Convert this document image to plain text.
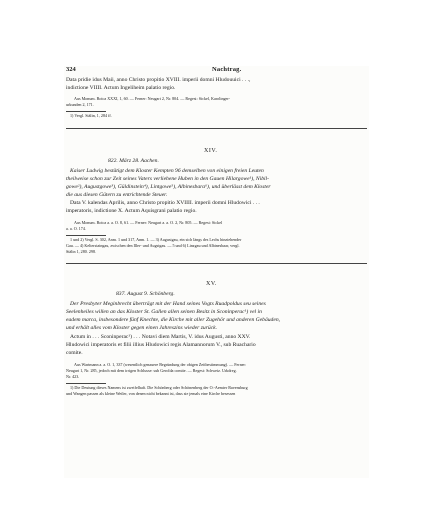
324	Nachtrag.
Data pridie idus Maii, anno Christo propitio XVIII. imperii domni Hludouuici . . .,
indictione VIIII. Actum Ingeliheim palatio regio.
Aus Monum. Boica XXXI, 1, 60. — Ferner: Neugart 2, Nr. 804. — Regest: Sickel, Karolinger-
urkunden 2, 171.
1) Vergl. Stälin, 1, 284 ff.
XIV.
822. März 28. Aachen.
Kaiser Ludwig bestätigt dem Kloster Kempten 96 demselben von einigen freien Leuten
theilweise schon zur Zeit seines Vaters verliehene Huben in den Gauen Hilargowe¹), Nibil-
gowe²), Augustgowe³), Güldinstein⁴), Lintgowe⁵), Albinesbara⁶), und überlässt dem Kloster
die aus diesen Gütern zu entrichtende Steuer.
Data V. kalendas Aprilis, anno Christo propitio XVIIII. imperii domni Hludowici . . .
imperatoris, indictione X. Actum Aquisgrani palatio regio.
Aus Monum. Boica a. a. O. 8, 61. — Ferner: Neugart a. a. O. 2, Nr. 805. — Regest: Sickel
a. a. O. 174.
1 und 2) Vergl. S. 302, Anm. 1 und 317, Anm. 1. — 3) Augustgau, ein sich längs des Lechs hinziehender
Gau. — 4) Kelterstaingau, zwischen den Iller- und Augstgau. — 5 und 6) Linzgau und Albinesbaar, vergl.
Stälin 1, 280. 298.
XV.
837. August 9. Schönberg.
Der Presbyter Meginbrecht überträgt mit der Hand seines Vogts Ruadpoldus seu seines
Seelenheiles willen an das Kloster St. Gallen allen seinen Besitz in Sconinperac¹) vel in
eadem marca, insbesondere fünf Knechte, die Kirche mit aller Zugehör und anderen Gebäuden,
und erhält alles vom Kloster gegen einen Jahreszins wieder zurück.
Actum in . . . Sconinperac¹) . . . Notavi diem Martis, V. idus Augusti, anno XXV.
Hludowici imperatoris et filii illius Hludowici regis Alamannorum V., sub Ruachario
comite.
Aus Wartmann a. a. O. 1, 337 (wesentlich genauere Begründung der obigen Zeitbestimmung). — Ferner:
Neugart 1, Nr. 285, jedoch mit dem irrigen Schlusse: sub Gerolda comite. — Regest: Schweiz. Urkdreg.
Nr. 423.
1) Die Deutung dieses Namens ist zweifelhaft. Die Schönberg oder Schönenberg der O.-Aemter Ravensburg
und Wangen passen als kleine Weiler, von denen nicht bekannt ist, dass sie jemals eine Kirche besessen
